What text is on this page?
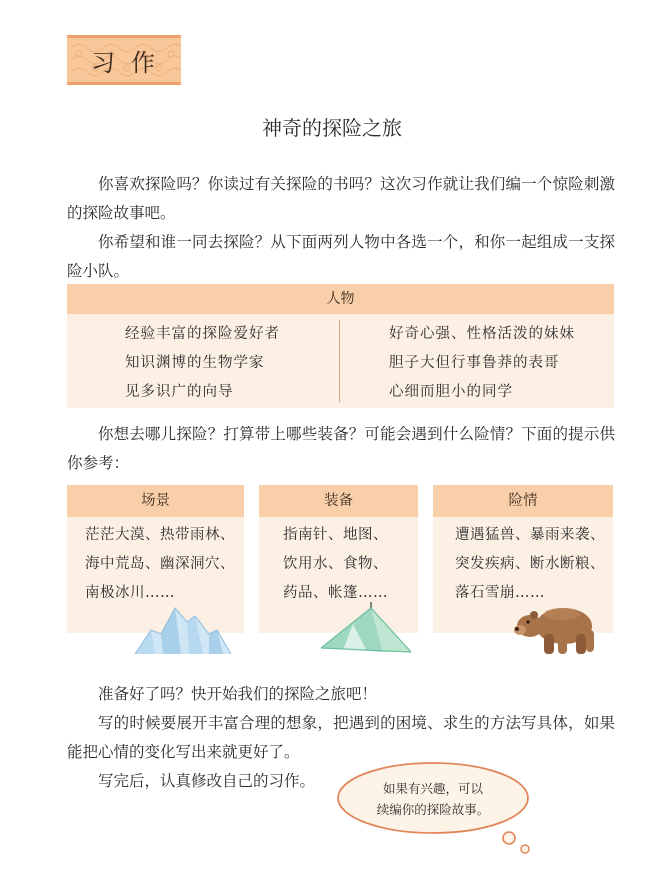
习作
神奇的探险之旅

你喜欢探险吗？你读过有关探险的书吗？这次习作就让我们编一个惊险刺激的探险故事吧。

你希望和谁一同去探险？从下面两列人物中各选一个，和你一起组成一支探险小队。

人物
经验丰富的探险爱好者
知识渊博的生物学家
见多识广的向导
好奇心强、性格活泼的妹妹
胆子大但行事鲁莽的表哥
心细而胆小的同学

你想去哪儿探险？打算带上哪些装备？可能会遇到什么险情？下面的提示供你参考：

场景
茫茫大漠、热带雨林、
海中荒岛、幽深洞穴、
南极冰川……
装备
指南针、地图、
饮用水、食物、
药品、帐篷……
险情
遭遇猛兽、暴雨来袭、
突发疾病、断水断粮、
落石雪崩……

准备好了吗？快开始我们的探险之旅吧！

写的时候要展开丰富合理的想象，把遇到的困境、求生的方法写具体，如果能把心情的变化写出来就更好了。

写完后，认真修改自己的习作。	如果有兴趣，可以
续编你的探险故事。
